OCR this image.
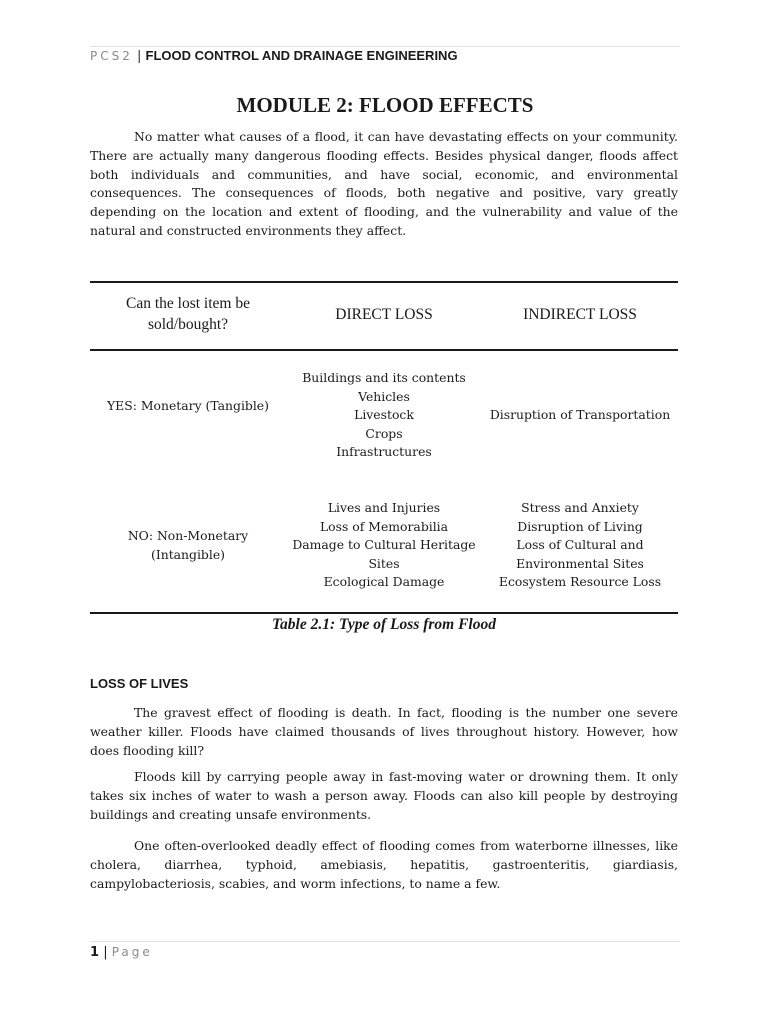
PCS2 | FLOOD CONTROL AND DRAINAGE ENGINEERING
MODULE 2: FLOOD EFFECTS

No matter what causes of a flood, it can have devastating effects on your community. There are actually many dangerous flooding effects. Besides physical danger, floods affect both individuals and communities, and have social, economic, and environmental consequences. The consequences of floods, both negative and positive, vary greatly depending on the location and extent of flooding, and the vulnerability and value of the natural and constructed environments they affect.

Can the lost item be
sold/bought?
DIRECT LOSS	INDIRECT LOSS
YES: Monetary (Tangible)
Buildings and its contents
Vehicles
Livestock
Crops
Infrastructures
Disruption of Transportation
NO: Non-Monetary
(Intangible)
Lives and Injuries
Loss of Memorabilia
Damage to Cultural Heritage
Sites
Ecological Damage
Stress and Anxiety
Disruption of Living
Loss of Cultural and
Environmental Sites
Ecosystem Resource Loss
Table 2.1: Type of Loss from Flood
LOSS OF LIVES

The gravest effect of flooding is death. In fact, flooding is the number one severe weather killer. Floods have claimed thousands of lives throughout history. However, how does flooding kill?

Floods kill by carrying people away in fast-moving water or drowning them. It only takes six inches of water to wash a person away. Floods can also kill people by destroying buildings and creating unsafe environments.

One often-overlooked deadly effect of flooding comes from waterborne illnesses, like cholera, diarrhea, typhoid, amebiasis, hepatitis, gastroenteritis, giardiasis, campylobacteriosis, scabies, and worm infections, to name a few.

1 | Page
